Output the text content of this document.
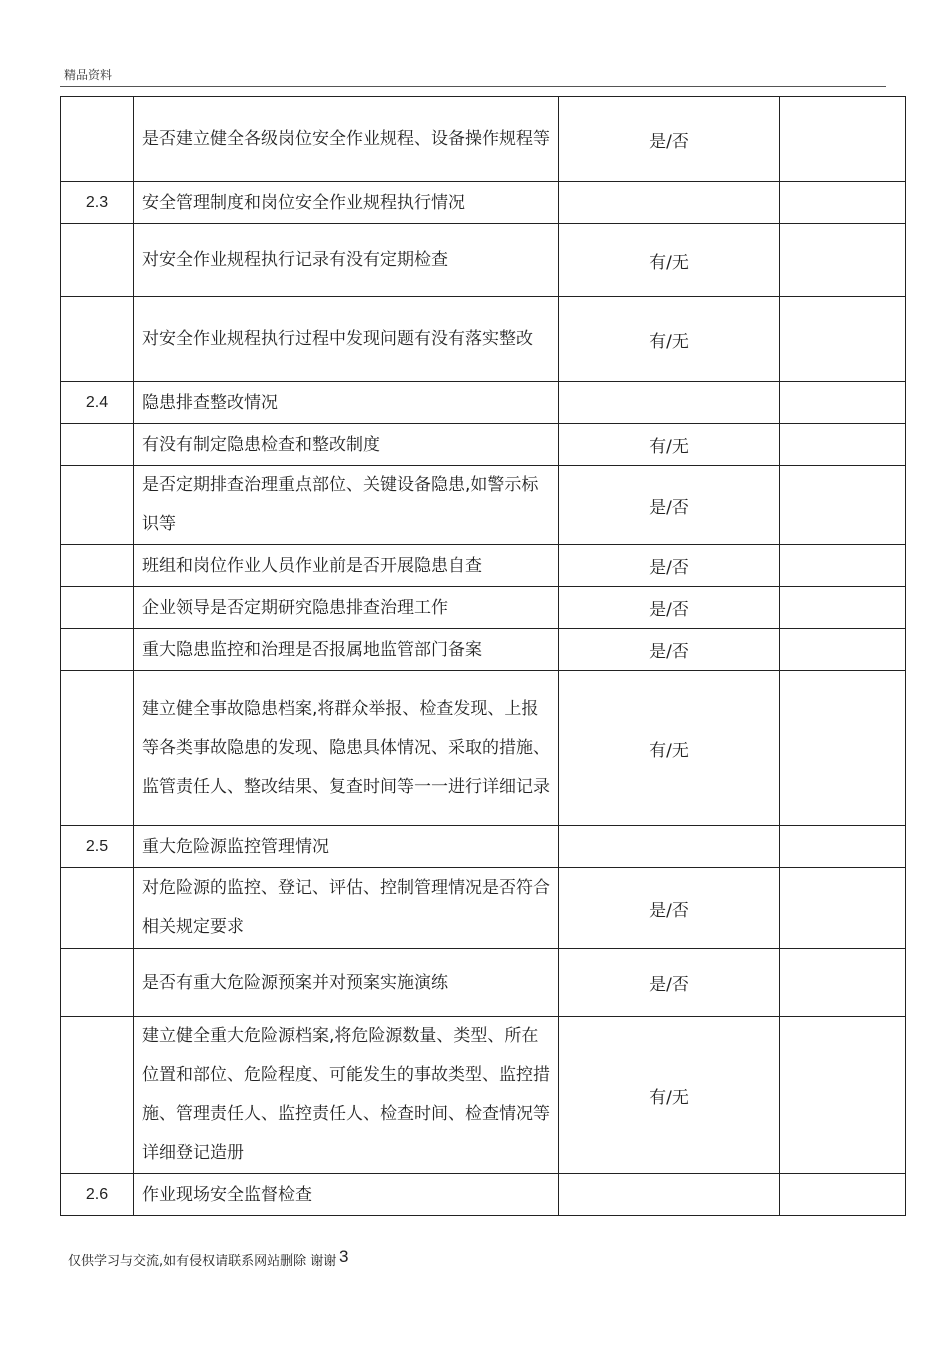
精品资料
	是否建立健全各级岗位安全作业规程、设备操作规程等	是/否	
2.3	安全管理制度和岗位安全作业规程执行情况		
	对安全作业规程执行记录有没有定期检查	有/无	
	对安全作业规程执行过程中发现问题有没有落实整改	有/无	
2.4	隐患排查整改情况		
	有没有制定隐患检查和整改制度	有/无	
	是否定期排查治理重点部位、关键设备隐患,如警示标识等	是/否	
	班组和岗位作业人员作业前是否开展隐患自查	是/否	
	企业领导是否定期研究隐患排查治理工作	是/否	
	重大隐患监控和治理是否报属地监管部门备案	是/否	
	建立健全事故隐患档案,将群众举报、检查发现、上报等各类事故隐患的发现、隐患具体情况、采取的措施、监管责任人、整改结果、复查时间等一一进行详细记录	有/无	
2.5	重大危险源监控管理情况		
	对危险源的监控、登记、评估、控制管理情况是否符合相关规定要求	是/否	
	是否有重大危险源预案并对预案实施演练	是/否	
	建立健全重大危险源档案,将危险源数量、类型、所在位置和部位、危险程度、可能发生的事故类型、监控措施、管理责任人、监控责任人、检查时间、检查情况等详细登记造册	有/无	
2.6	作业现场安全监督检查		
仅供学习与交流,如有侵权请联系网站删除 谢谢 3
